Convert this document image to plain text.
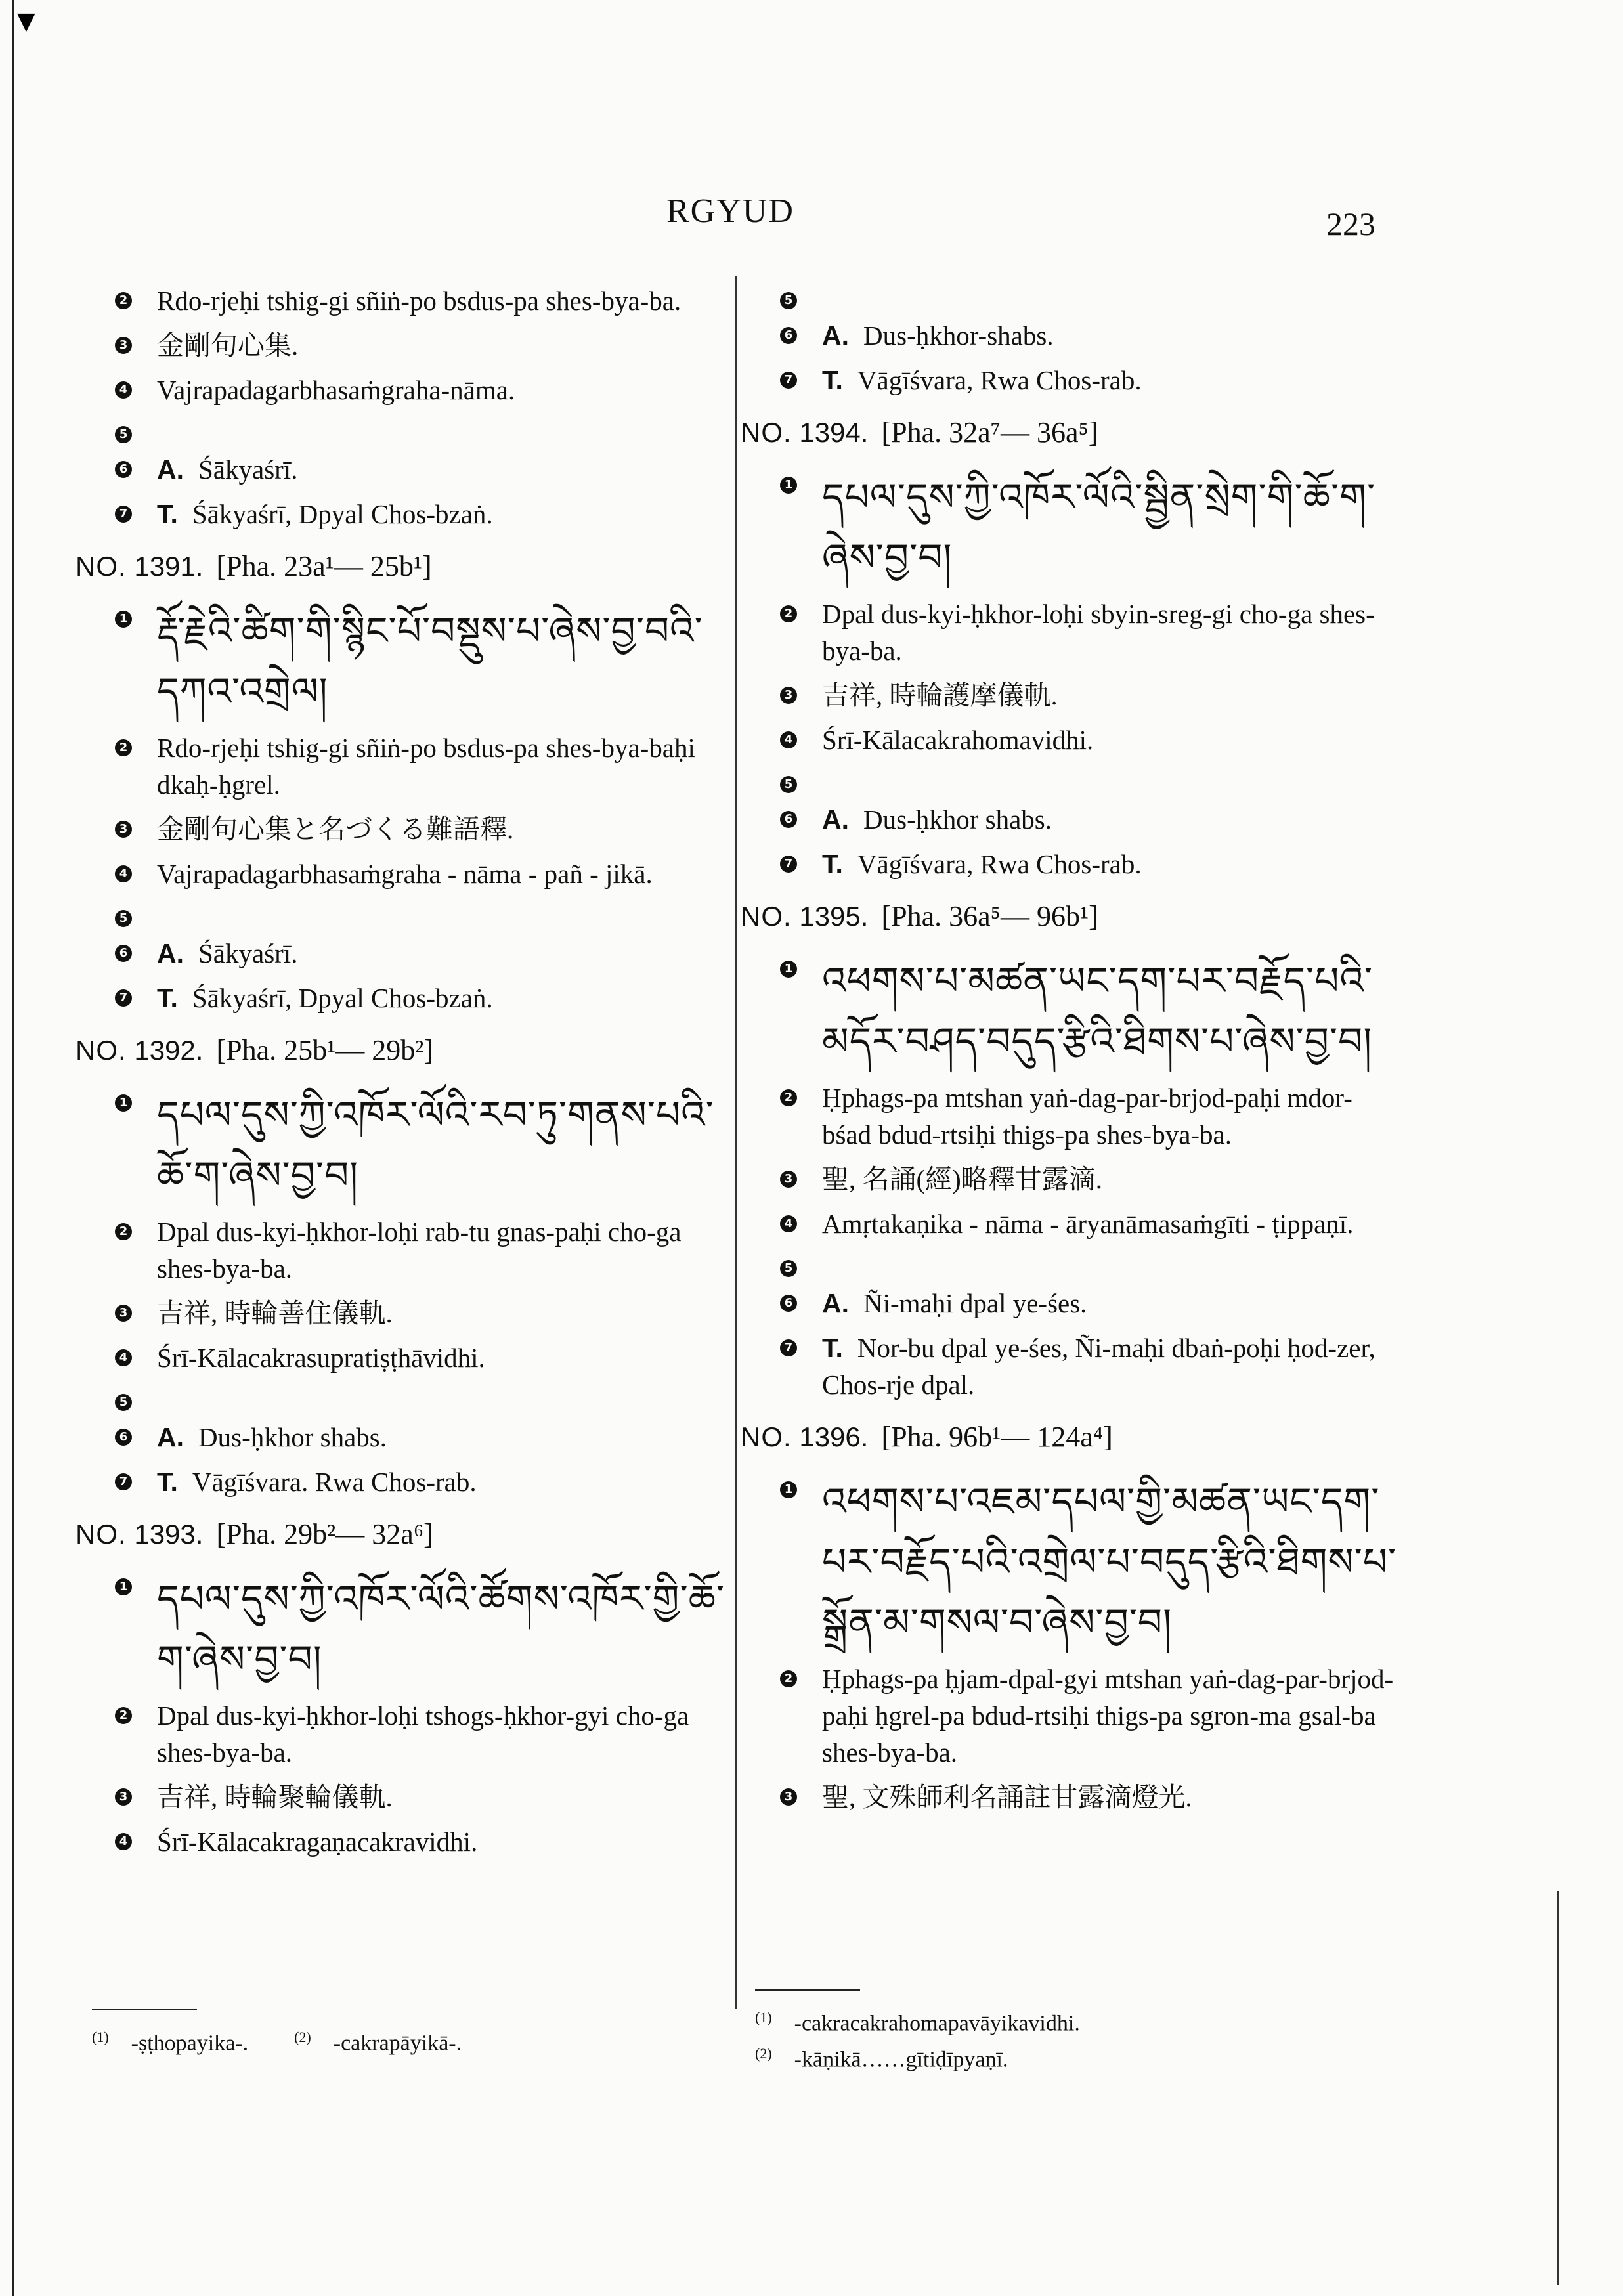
▼
RGYUD	223
2 Rdo-rjeḥi tshig-gi sñiṅ-po bsdus-pa shes-bya-ba.
3 金剛句心集.
4 Vajrapadagarbhasaṁgraha-nāma.
5
6 A. Śākyaśrī.
7 T. Śākyaśrī, Dpyal Chos-bzaṅ.
NO. 1391. [Pha. 23a¹— 25b¹]
1 རྡོ་རྗེའི་ཚིག་གི་སྙིང་པོ་བསྡུས་པ་ཞེས་བྱ་བའི་དཀའ་འགྲེལ།
2 Rdo-rjeḥi tshig-gi sñiṅ-po bsdus-pa shes-bya-baḥi dkaḥ-ḥgrel.
3 金剛句心集と名づくる難語釋.
4 Vajrapadagarbhasaṁgraha - nāma - pañ - jikā.
5
6 A. Śākyaśrī.
7 T. Śākyaśrī, Dpyal Chos-bzaṅ.
NO. 1392. [Pha. 25b¹— 29b²]
1 དཔལ་དུས་ཀྱི་འཁོར་ལོའི་རབ་ཏུ་གནས་པའི་ཆོ་ག་ཞེས་བྱ་བ།
2 Dpal dus-kyi-ḥkhor-loḥi rab-tu gnas-paḥi cho-ga shes-bya-ba.
3 吉祥, 時輪善住儀軌.
4 Śrī-Kālacakrasupratiṣṭhāvidhi.
5
6 A. Dus-ḥkhor shabs.
7 T. Vāgīśvara. Rwa Chos-rab.
NO. 1393. [Pha. 29b²— 32a⁶]
1 དཔལ་དུས་ཀྱི་འཁོར་ལོའི་ཚོགས་འཁོར་གྱི་ཆོ་ག་ཞེས་བྱ་བ།
2 Dpal dus-kyi-ḥkhor-loḥi tshogs-ḥkhor-gyi cho-ga shes-bya-ba.
3 吉祥, 時輪聚輪儀軌.
4 Śrī-Kālacakragaṇacakravidhi.
5
6 A. Dus-ḥkhor-shabs.
7 T. Vāgīśvara, Rwa Chos-rab.
NO. 1394. [Pha. 32a⁷— 36a⁵]
1 དཔལ་དུས་ཀྱི་འཁོར་ལོའི་སྦྱིན་སྲེག་གི་ཆོ་ག་ཞེས་བྱ་བ།
2 Dpal dus-kyi-ḥkhor-loḥi sbyin-sreg-gi cho-ga shes-bya-ba.
3 吉祥, 時輪護摩儀軌.
4 Śrī-Kālacakrahomavidhi.
5
6 A. Dus-ḥkhor shabs.
7 T. Vāgīśvara, Rwa Chos-rab.
NO. 1395. [Pha. 36a⁵— 96b¹]
1 འཕགས་པ་མཚན་ཡང་དག་པར་བརྗོད་པའི་མདོར་བཤད་བདུད་རྩིའི་ཐིགས་པ་ཞེས་བྱ་བ།
2 Ḥphags-pa mtshan yaṅ-dag-par-brjod-paḥi mdor-bśad bdud-rtsiḥi thigs-pa shes-bya-ba.
3 聖, 名誦(經)略釋甘露滴.
4 Amṛtakaṇika - nāma - āryanāmasaṁgīti - ṭippaṇī.
5
6 A. Ñi-maḥi dpal ye-śes.
7 T. Nor-bu dpal ye-śes, Ñi-maḥi dbaṅ-poḥi ḥod-zer, Chos-rje dpal.
NO. 1396. [Pha. 96b¹— 124a⁴]
1 འཕགས་པ་འཇམ་དཔལ་གྱི་མཚན་ཡང་དག་པར་བརྗོད་པའི་འགྲེལ་པ་བདུད་རྩིའི་ཐིགས་པ་སྒྲོན་མ་གསལ་བ་ཞེས་བྱ་བ།
2 Ḥphags-pa ḥjam-dpal-gyi mtshan yaṅ-dag-par-brjod-paḥi ḥgrel-pa bdud-rtsiḥi thigs-pa sgron-ma gsal-ba shes-bya-ba.
3 聖, 文殊師利名誦註甘露滴燈光.
$^{(1)}$ -ṣṭhopayika-.	$^{(2)}$ -cakrapāyikā-.
$^{(1)}$ -cakracakrahomapavāyikavidhi.
$^{(2)}$ -kāṇikā……gītiḍīpyaṇī.
